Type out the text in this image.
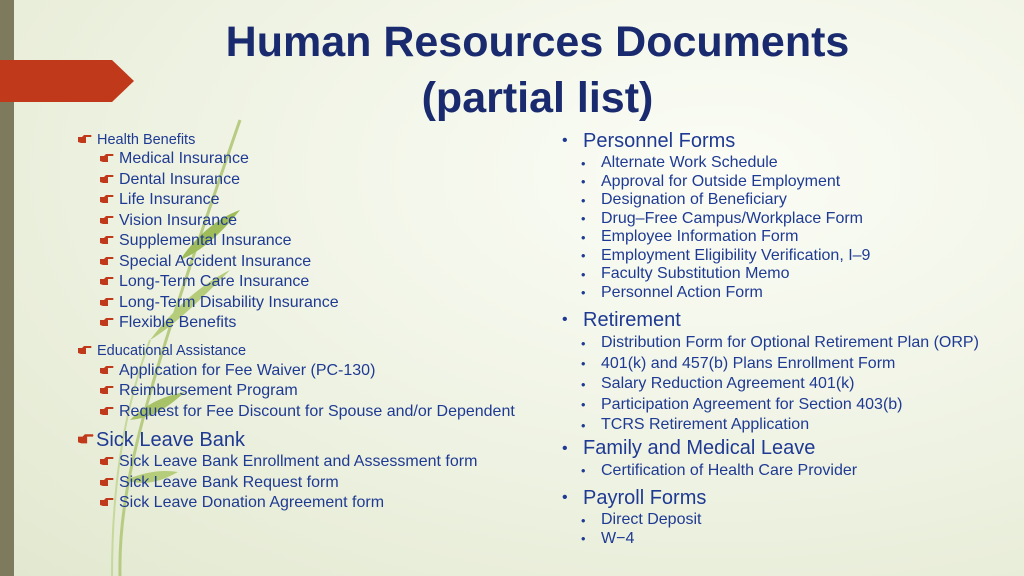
Human Resources Documents
(partial list)
Health Benefits
Medical Insurance
Dental Insurance
Life Insurance
Vision Insurance
Supplemental Insurance
Special Accident Insurance
Long-Term Care Insurance
Long-Term Disability Insurance
Flexible Benefits
Educational Assistance
Application for Fee Waiver (PC-130)
Reimbursement Program
Request for Fee Discount for Spouse and/or Dependent
Sick Leave Bank
Sick Leave Bank Enrollment and Assessment form
Sick Leave Bank Request form
Sick Leave Donation Agreement form
• Personnel Forms
• Alternate Work Schedule
• Approval for Outside Employment
• Designation of Beneficiary
• Drug–Free Campus/Workplace Form
• Employee Information Form
• Employment Eligibility Verification, I–9
• Faculty Substitution Memo
• Personnel Action Form
• Retirement
• Distribution Form for Optional Retirement Plan (ORP)
• 401(k) and 457(b) Plans Enrollment Form
• Salary Reduction Agreement 401(k)
• Participation Agreement for Section 403(b)
• TCRS Retirement Application
• Family and Medical Leave
• Certification of Health Care Provider
• Payroll Forms
• Direct Deposit
• W−4
